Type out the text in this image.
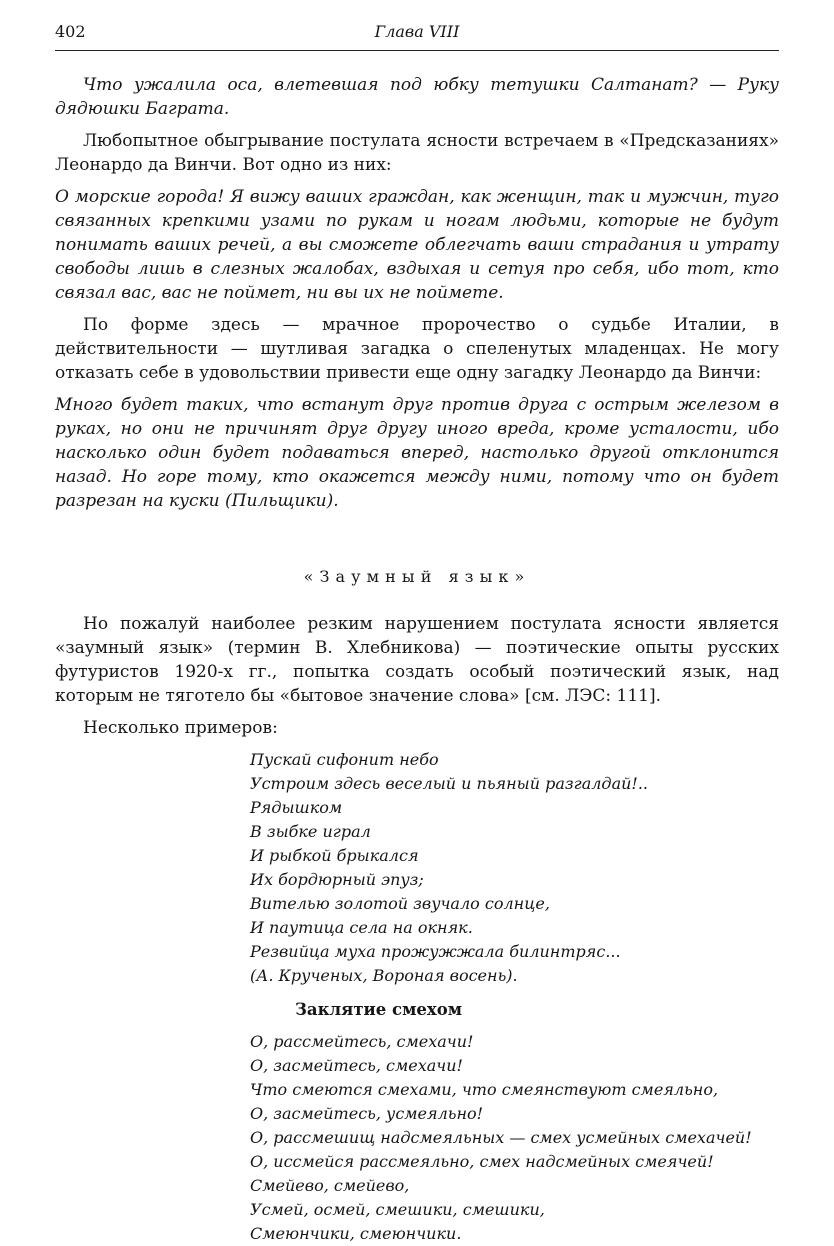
402	Глава VIII

Что ужалила оса, влетевшая под юбку тетушки Салтанат? — Руку дядюшки Баграта.

Любопытное обыгрывание постулата ясности встречаем в «Предсказаниях» Леонардо да Винчи. Вот одно из них:

О морские города! Я вижу ваших граждан, как женщин, так и мужчин, туго связанных крепкими узами по рукам и ногам людьми, которые не будут понимать ваших речей, а вы сможете облегчать ваши страдания и утрату свободы лишь в слезных жалобах, вздыхая и сетуя про себя, ибо тот, кто связал вас, вас не поймет, ни вы их не поймете.

По форме здесь — мрачное пророчество о судьбе Италии, в действительности — шутливая загадка о спеленутых младенцах. Не могу отказать себе в удовольствии привести еще одну загадку Леонардо да Винчи:

Много будет таких, что встанут друг против друга с острым железом в руках, но они не причинят друг другу иного вреда, кроме усталости, ибо насколько один будет подаваться вперед, настолько другой отклонится назад. Но горе тому, кто окажется между ними, потому что он будет разрезан на куски (Пильщики).

«Заумный язык»

Но пожалуй наиболее резким нарушением постулата ясности является «заумный язык» (термин В. Хлебникова) — поэтические опыты русских футуристов 1920-х гг., попытка создать особый поэтический язык, над которым не тяготело бы «бытовое значение слова» [см. ЛЭС: 111].

Несколько примеров:

Пускай сифонит небо
Устроим здесь веселый и пьяный разгалдай!..
Рядышком
В зыбке играл
И рыбкой брыкался
Их бордюрный эпуз;
Вителью золотой звучало солнце,
И паутица села на окняк.
Резвийца муха прожужжала билинтряс...
(А. Крученых, Вороная восень).
Заклятие смехом
О, рассмейтесь, смехачи!
О, засмейтесь, смехачи!
Что смеются смехами, что смеянствуют смеяльно,
О, засмейтесь, усмеяльно!
О, рассмешищ надсмеяльных — смех усмейных смехачей!
О, иссмейся рассмеяльно, смех надсмейных смеячей!
Смейево, смейево,
Усмей, осмей, смешики, смешики,
Смеюнчики, смеюнчики.
